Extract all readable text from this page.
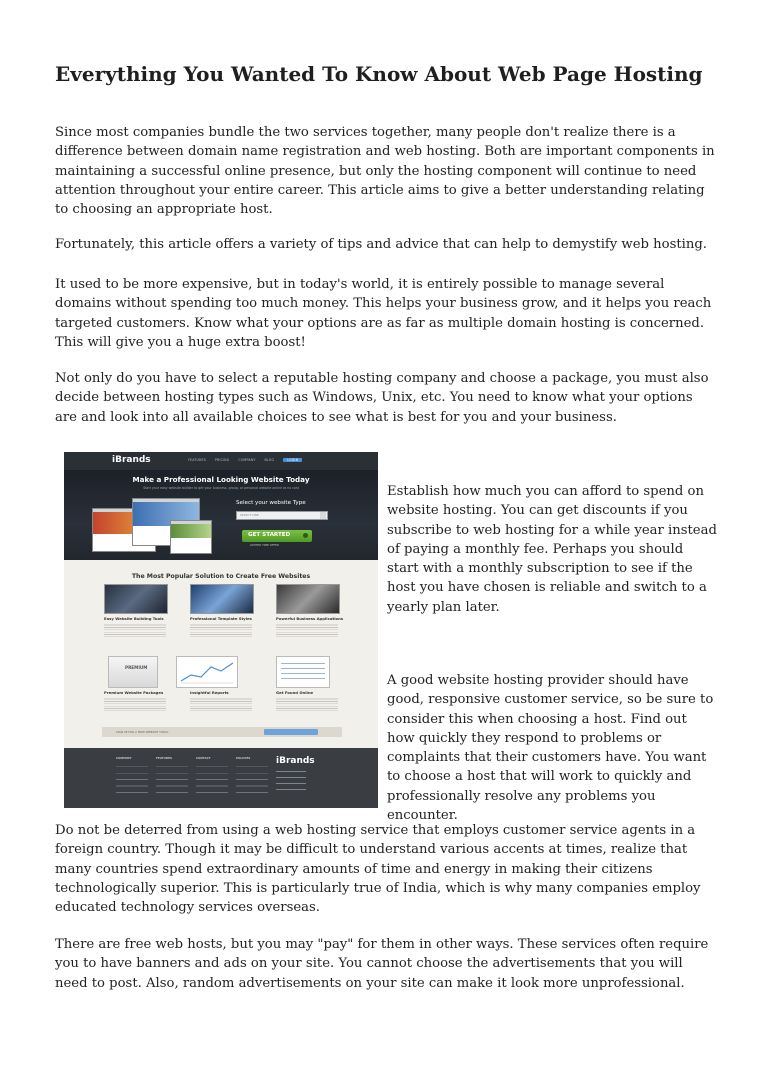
Everything You Wanted To Know About Web Page Hosting

Since most companies bundle the two services together, many people don't realize there is a difference between domain name registration and web hosting. Both are important components in maintaining a successful online presence, but only the hosting component will continue to need attention throughout your entire career. This article aims to give a better understanding relating to choosing an appropriate host.

Fortunately, this article offers a variety of tips and advice that can help to demystify web hosting.

It used to be more expensive, but in today's world, it is entirely possible to manage several domains without spending too much money. This helps your business grow, and it helps you reach targeted customers. Know what your options are as far as multiple domain hosting is concerned. This will give you a huge extra boost!

Not only do you have to select a reputable hosting company and choose a package, you must also decide between hosting types such as Windows, Unix, etc. You need to know what your options are and look into all available choices to see what is best for you and your business.

iBrands	FEATURES	PRICING	COMPANY	BLOG	LOGIN
Make a Professional Looking Website Today
Start your easy website builder to get your business, group, or personal website online at no cost
Select your website Type
SELECT ONE
GET STARTED
LIMITED TIME OFFER
The Most Popular Solution to Create Free Websites
Easy Website Building Tools	Professional Template Styles	Powerful Business Applications
PREMIUM
Premium Website Packages	Insightful Reports	Get Found Online
SIGN UP FOR A FREE WEBSITE TODAY
COMPANY	FEATURES	CONTACT	POLICIES	iBrands

Establish how much you can afford to spend on website hosting. You can get discounts if you subscribe to web hosting for a while year instead of paying a monthly fee. Perhaps you should start with a monthly subscription to see if the host you have chosen is reliable and switch to a yearly plan later.

A good website hosting provider should have good, responsive customer service, so be sure to consider this when choosing a host. Find out how quickly they respond to problems or complaints that their customers have. You want to choose a host that will work to quickly and professionally resolve any problems you encounter.

Do not be deterred from using a web hosting service that employs customer service agents in a foreign country. Though it may be difficult to understand various accents at times, realize that many countries spend extraordinary amounts of time and energy in making their citizens technologically superior. This is particularly true of India, which is why many companies employ educated technology services overseas.

There are free web hosts, but you may "pay" for them in other ways. These services often require you to have banners and ads on your site. You cannot choose the advertisements that you will need to post. Also, random advertisements on your site can make it look more unprofessional.
